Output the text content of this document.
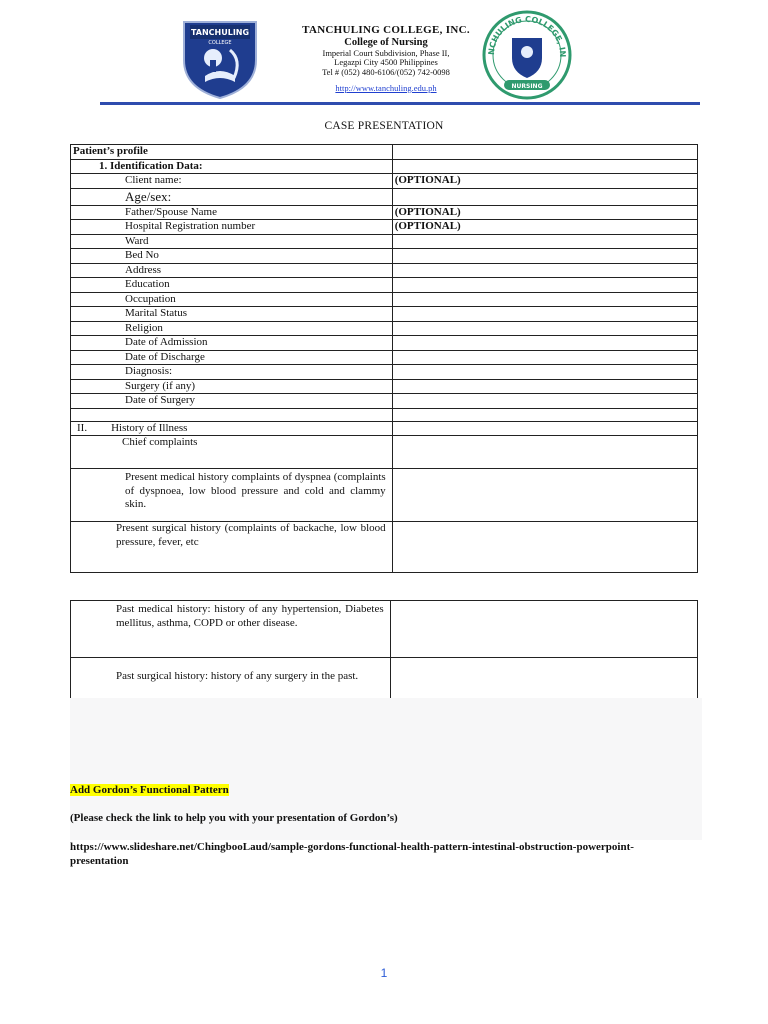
TANCHULING
COLLEGE
TANCHULING COLLEGE, INC.
College of Nursing
Imperial Court Subdivision, Phase II,
Legazpi City 4500 Philippines
Tel # (052) 480-6106/(052) 742-0098
http://www.tanchuling.edu.ph
NCHULING COLLEGE, IN
NURSING
CASE PRESENTATION
Patient’s profile	
1. Identification Data:	
Client name:	(OPTIONAL)
Age/sex:	
Father/Spouse Name	(OPTIONAL)
Hospital Registration number	(OPTIONAL)
Ward	
Bed No	
Address	
Education	
Occupation	
Marital Status	
Religion	
Date of Admission	
Date of Discharge	
Diagnosis:	
Surgery (if any)	
Date of Surgery	

II. History of Illness	
Chief complaints	
Present medical history complaints of dyspnea (complaints of dyspnoea, low blood pressure and cold and clammy skin.	
Present surgical history (complaints of backache, low blood pressure, fever, etc	
Past medical history: history of any hypertension, Diabetes mellitus, asthma, COPD or other disease.	
Past surgical history: history of any surgery in the past.	
Add Gordon’s Functional Pattern
(Please check the link to help you with your presentation of Gordon’s)
https://www.slideshare.net/ChingbooLaud/sample-gordons-functional-health-pattern-intestinal-obstruction-powerpoint-presentation
1
